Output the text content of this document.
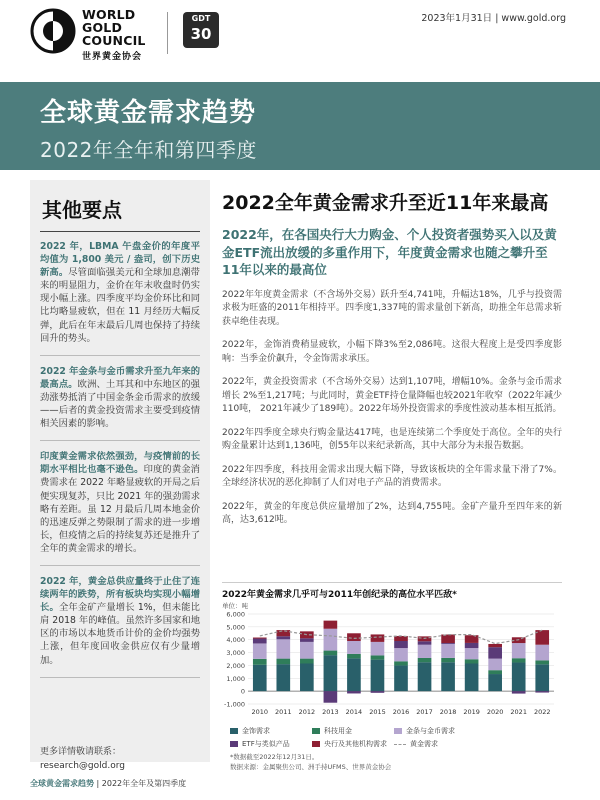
WORLD
GOLD
COUNCIL
世界黄金协会
GDT
30
2023年1月31日 | www.gold.org
全球黄金需求趋势
2022年全年和第四季度
其他要点
2022 年，LBMA 午盘金价的年度平均值为 1,800 美元 / 盎司，创下历史新高。尽管面临强美元和全球加息潮带来的明显阻力，金价在年末收盘时仍实现小幅上涨。四季度平均金价环比和同比均略显疲软，但在 11 月经历大幅反弹，此后在年末最后几周也保持了持续回升的势头。
2022 年金条与金币需求升至九年来的最高点。欧洲、土耳其和中东地区的强劲涨势抵消了中国金条金币需求的放缓——后者的黄金投资需求主要受到疫情相关因素的影响。
印度黄金需求依然强劲，与疫情前的长期水平相比也毫不逊色。印度的黄金消费需求在 2022 年略显疲软的开局之后便实现复苏，只比 2021 年的强劲需求略有差距。虽 12 月最后几周本地金价的迅速反弹之势限制了需求的进一步增长，但疫情之后的持续复苏还是推升了全年的黄金需求的增长。
2022 年，黄金总供应量终于止住了连续两年的跌势，所有板块均实现小幅增长。全年金矿产量增长 1%，但未能比肩 2018 年的峰值。虽然许多国家和地区的市场以本地货币计价的金价均强势上涨，但年度回收金供应仅有少量增加。
更多详情敬请联系：
research@gold.org
2022全年黄金需求升至近11年来最高
2022年，在各国央行大力购金、个人投资者强势买入以及黄金ETF流出放缓的多重作用下，年度黄金需求也随之攀升至11年以来的最高位
2022年年度黄金需求（不含场外交易）跃升至4,741吨，升幅达18%，几乎与投资需求极为旺盛的2011年相持平。四季度1,337吨的需求量创下新高，助推全年总需求斩获卓绝佳表现。
2022年，金饰消费稍显疲软，小幅下降3%至2,086吨。这很大程度上是受四季度影响：当季金价飙升，令金饰需求承压。
2022年，黄金投资需求（不含场外交易）达到1,107吨，增幅10%。金条与金币需求增长 2%至1,217吨；与此同时，黄金ETF持仓量降幅也较2021年收窄（2022年减少110吨， 2021年减少了189吨）。2022年场外投资需求的季度性波动基本相互抵消。
2022年四季度全球央行购金量达417吨，也是连续第二个季度处于高位。全年的央行购金量累计达到1,136吨，创55年以来纪录新高，其中大部分为未报告数据。
2022年四季度，科技用金需求出现大幅下降，导致该板块的全年需求量下滑了7%。全球经济状况的恶化抑制了人们对电子产品的消费需求。
2022年，黄金的年度总供应量增加了2%，达到4,755吨。金矿产量升至四年来的新高，达3,612吨。
2022年黄金需求几乎可与2011年创纪录的高位水平匹敌*
单位：吨
6,000
5,000
4,000
3,000
2,000
1,000
0
-1,000
2010 2011 2012 2013 2014 2015 2016 2017 2018 2019 2020 2021 2022
金饰需求	科技用金	金条与金币需求
ETF与类似产品	央行及其他机构需求	黄金需求
*数据截至2022年12月31日。
数据来源：金属聚焦公司、洲手持UFMS、世界黄金协会
全球黄金需求趋势 | 2022年全年及第四季度
